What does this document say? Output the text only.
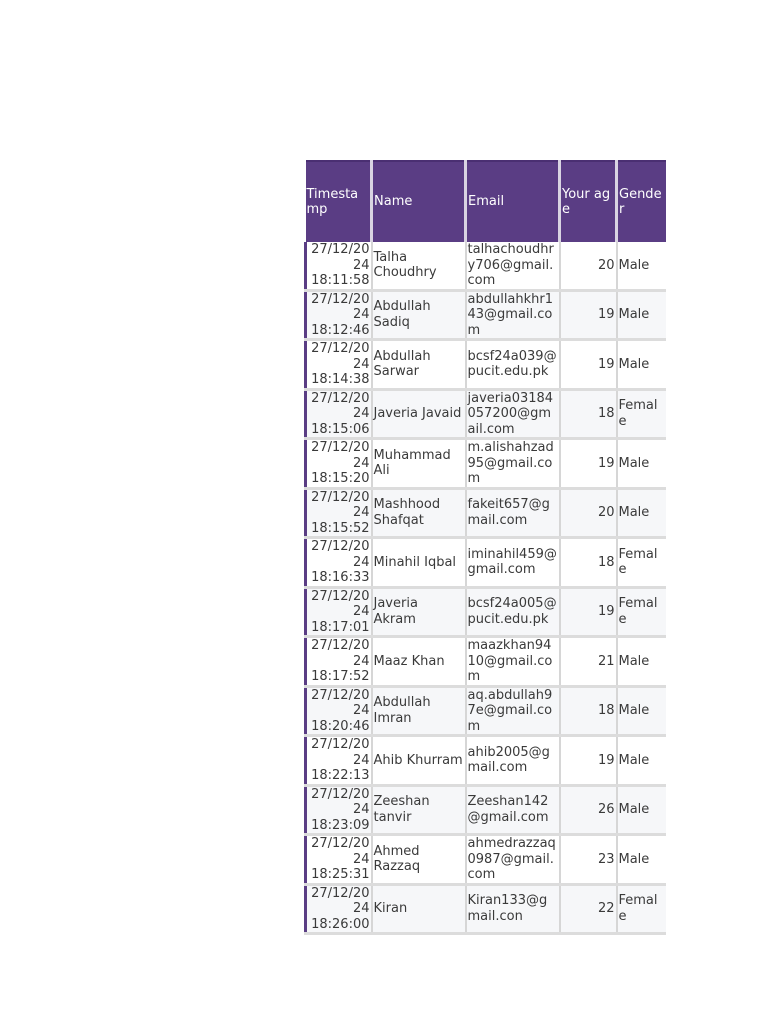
Timestamp	Name	Email	Your age	Gender

27/12/20
24
18:11:58	Talha Choudhry	talhachoudhry706@gmail.com	20	Male

27/12/20
24
18:12:46	Abdullah Sadiq	abdullahkhr143@gmail.com	19	Male

27/12/20
24
18:14:38	Abdullah Sarwar	bcsf24a039@pucit.edu.pk	19	Male

27/12/20
24
18:15:06	Javeria Javaid	javeria03184057200@gmail.com	18	Female

27/12/20
24
18:15:20	Muhammad Ali	m.alishahzad95@gmail.com	19	Male

27/12/20
24
18:15:52	Mashhood Shafqat	fakeit657@gmail.com	20	Male

27/12/20
24
18:16:33	Minahil Iqbal	iminahil459@gmail.com	18	Female

27/12/20
24
18:17:01	Javeria Akram	bcsf24a005@pucit.edu.pk	19	Female

27/12/20
24
18:17:52	Maaz Khan	maazkhan9410@gmail.com	21	Male

27/12/20
24
18:20:46	Abdullah Imran	aq.abdullah97e@gmail.com	18	Male

27/12/20
24
18:22:13	Ahib Khurram	ahib2005@gmail.com	19	Male

27/12/20
24
18:23:09	Zeeshan tanvir	Zeeshan142@gmail.com	26	Male

27/12/20
24
18:25:31	Ahmed Razzaq	ahmedrazzaq0987@gmail.com	23	Male

27/12/20
24
18:26:00	Kiran	Kiran133@gmail.con	22	Female
